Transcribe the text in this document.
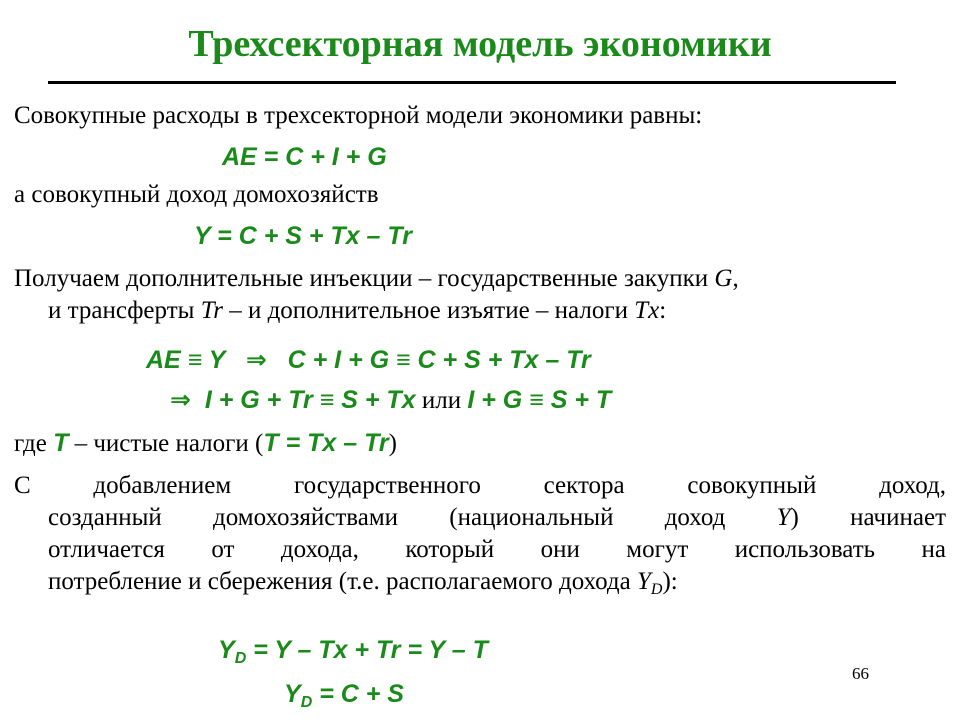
Трехсекторная модель экономики
Совокупные расходы в трехсекторной модели экономики равны:
AE = C + I + G
а совокупный доход домохозяйств
Y = C + S + Tx – Tr
Получаем дополнительные инъекции – государственные закупки G,
и трансферты Tr – и дополнительное изъятие – налоги Tx:
AE ≡ Y   ⇒   C + I + G ≡ C + S + Tx – Tr
⇒  I + G + Tr ≡ S + Tx или I + G ≡ S + T
где T – чистые налоги (T = Tx – Tr)
С добавлением государственного сектора совокупный доход,
созданный домохозяйствами (национальный доход Y) начинает
отличается от дохода, который они могут использовать на
потребление и сбережения (т.е. располагаемого дохода $Y_D$):
$Y_D = Y - Tx + Tr = Y - T$
$Y_D = C + S$
66
